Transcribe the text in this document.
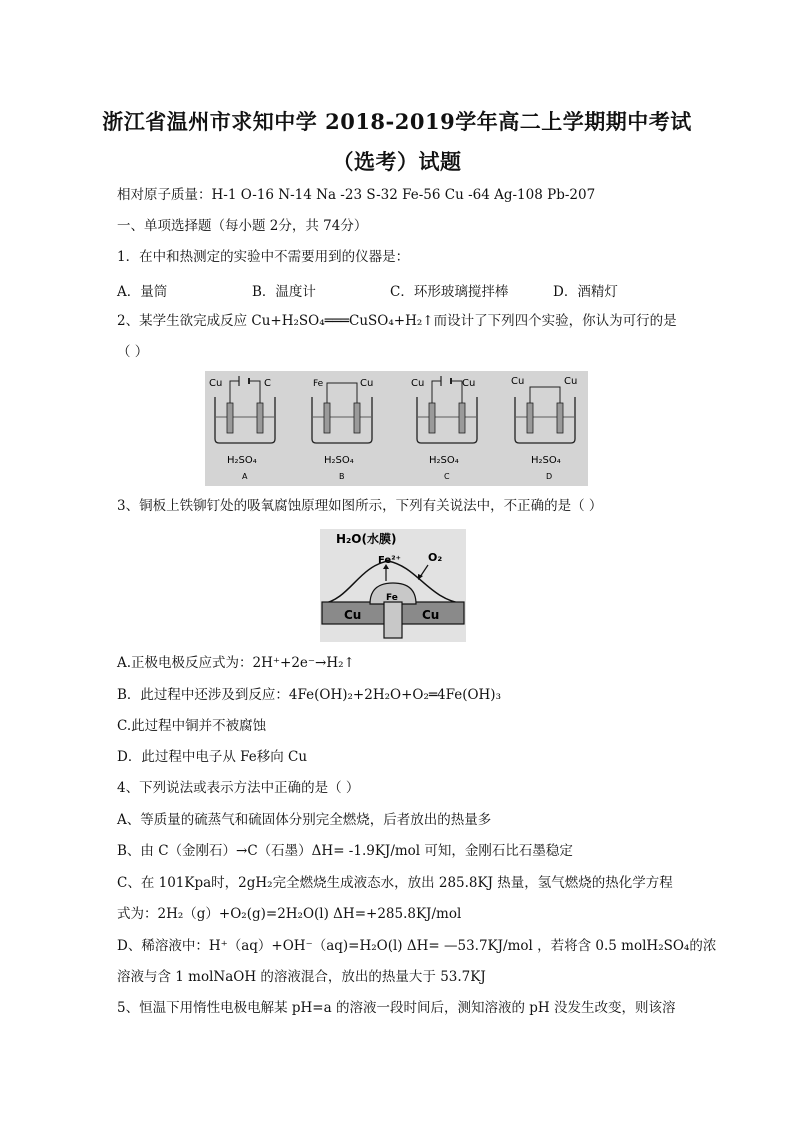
浙江省温州市求知中学 2018-2019学年高二上学期期中考试
（选考）试题
相对原子质量：H-1 O-16 N-14 Na -23 S-32 Fe-56 Cu -64 Ag-108 Pb-207
一、单项选择题（每小题 2分，共 74分）
1．在中和热测定的实验中不需要用到的仪器是：
A．量筒	B．温度计	C．环形玻璃搅拌棒	D．酒精灯
2、某学生欲完成反应 Cu+H₂SO₄═══CuSO₄+H₂↑而设计了下列四个实验，你认为可行的是
（ ）
Cu	C
H₂SO₄
A
Fe	Cu
H₂SO₄
B
Cu	Cu
H₂SO₄
C
Cu	Cu
H₂SO₄
D
3、铜板上铁铆钉处的吸氧腐蚀原理如图所示，下列有关说法中，不正确的是（ ）
H₂O(水膜)
Fe²⁺ O₂
Fe
Cu	Cu
A.正极电极反应式为：2H⁺+2e⁻→H₂↑
B．此过程中还涉及到反应：4Fe(OH)₂+2H₂O+O₂═4Fe(OH)₃
C.此过程中铜并不被腐蚀
D．此过程中电子从 Fe移向 Cu
4、下列说法或表示方法中正确的是（ ）
A、等质量的硫蒸气和硫固体分别完全燃烧，后者放出的热量多
B、由 C（金刚石）→C（石墨）ΔH= -1.9KJ/mol 可知，金刚石比石墨稳定
C、在 101Kpa时，2gH₂完全燃烧生成液态水，放出 285.8KJ 热量，氢气燃烧的热化学方程
式为：2H₂（g）+O₂(g)=2H₂O(l) ΔH=+285.8KJ/mol
D、稀溶液中：H⁺（aq）+OH⁻（aq)=H₂O(l) ΔH= —53.7KJ/mol ，若将含 0.5 molH₂SO₄的浓
溶液与含 1 molNaOH 的溶液混合，放出的热量大于 53.7KJ
5、恒温下用惰性电极电解某 pH=a 的溶液一段时间后，测知溶液的 pH 没发生改变，则该溶
